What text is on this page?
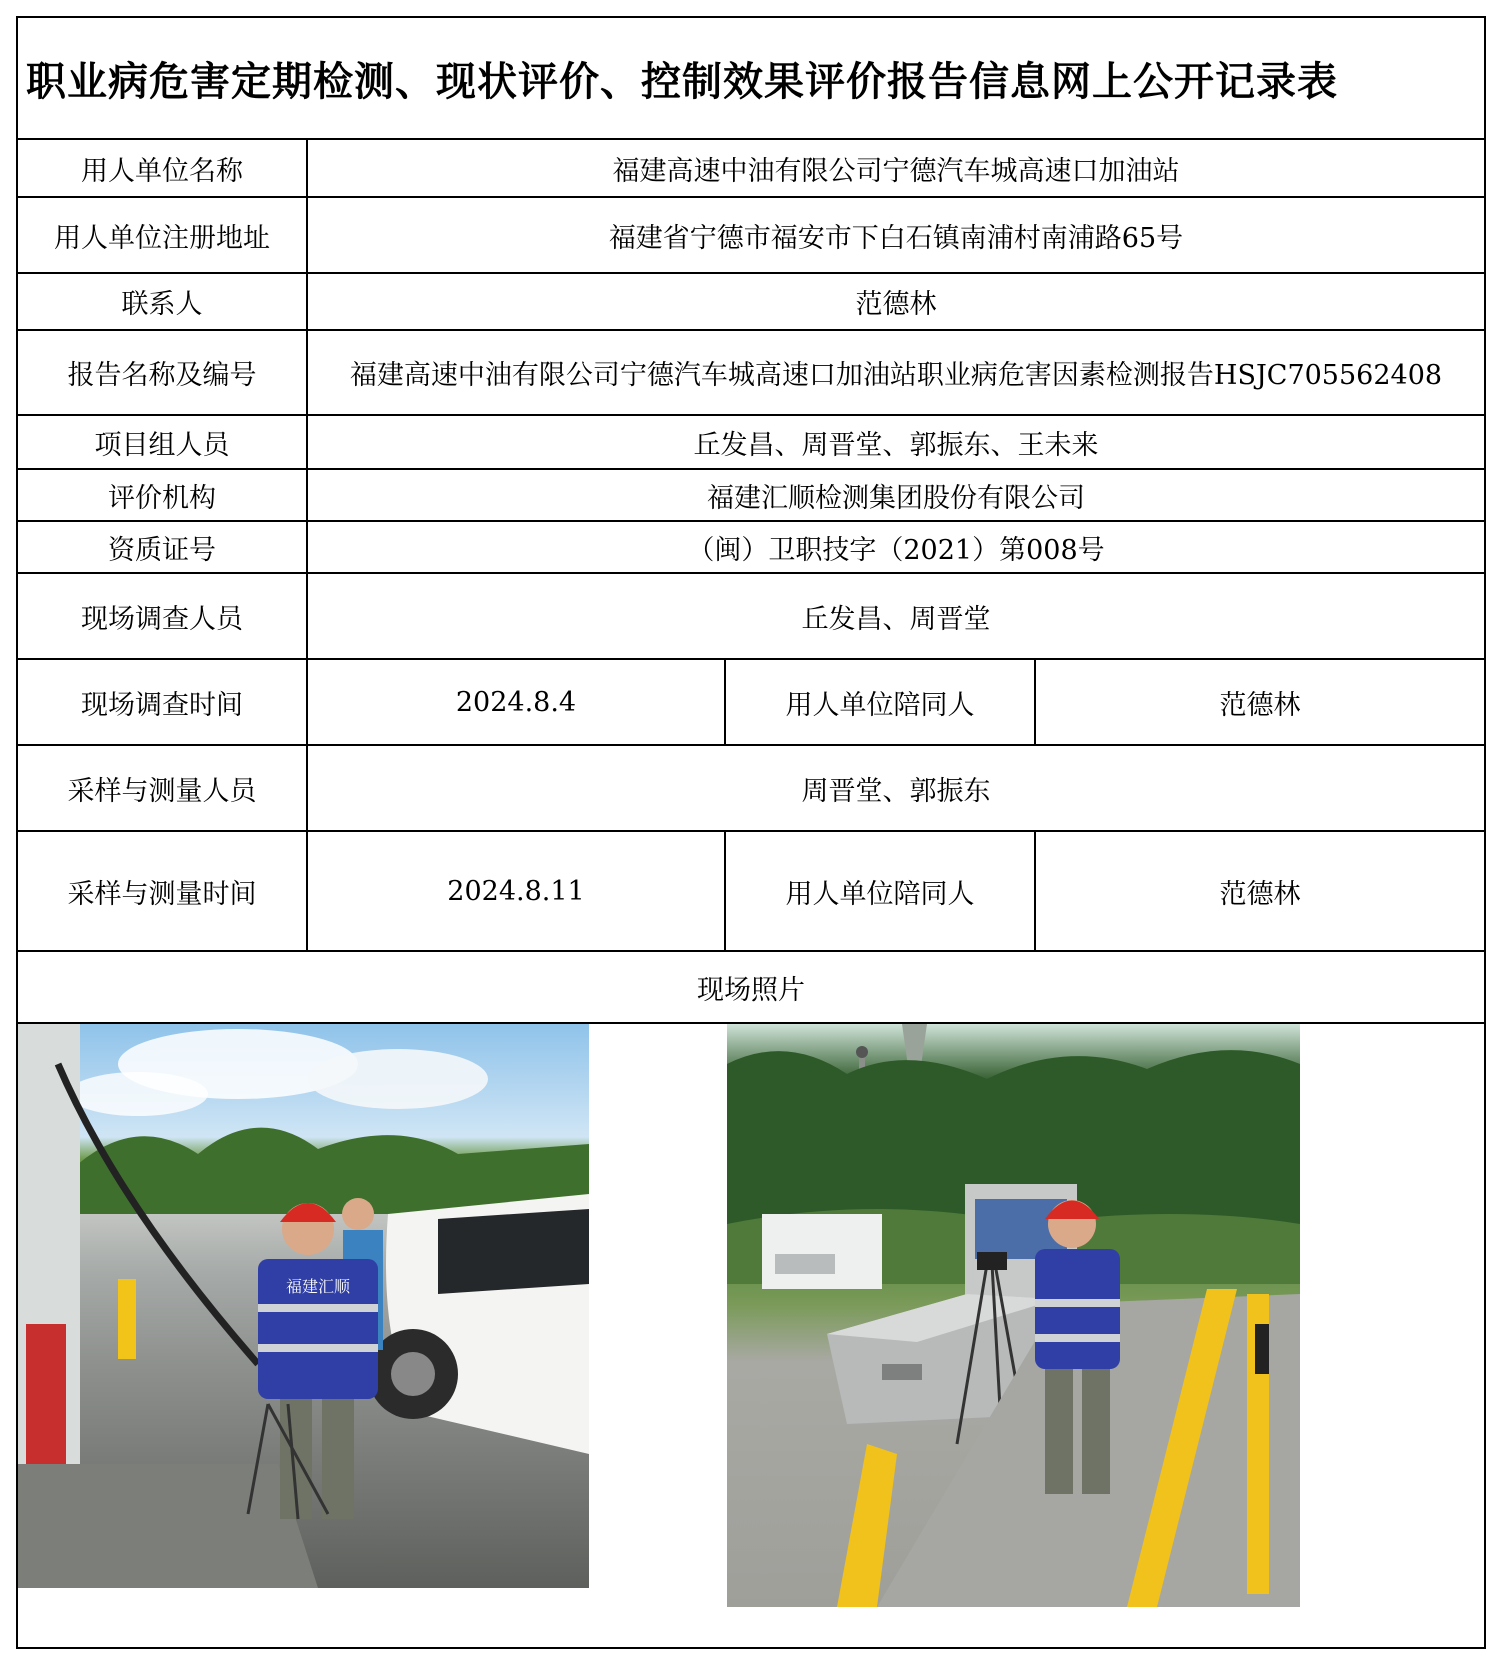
职业病危害定期检测、现状评价、控制效果评价报告信息网上公开记录表
用人单位名称	福建高速中油有限公司宁德汽车城高速口加油站
用人单位注册地址	福建省宁德市福安市下白石镇南浦村南浦路65号
联系人	范德林
报告名称及编号	福建高速中油有限公司宁德汽车城高速口加油站职业病危害因素检测报告HSJC705562408
项目组人员	丘发昌、周晋堂、郭振东、王未来
评价机构	福建汇顺检测集团股份有限公司
资质证号	（闽）卫职技字（2021）第008号
现场调查人员	丘发昌、周晋堂
现场调查时间	2024.8.4	用人单位陪同人	范德林
采样与测量人员	周晋堂、郭振东
采样与测量时间	2024.8.11	用人单位陪同人	范德林
现场照片
福建汇顺
